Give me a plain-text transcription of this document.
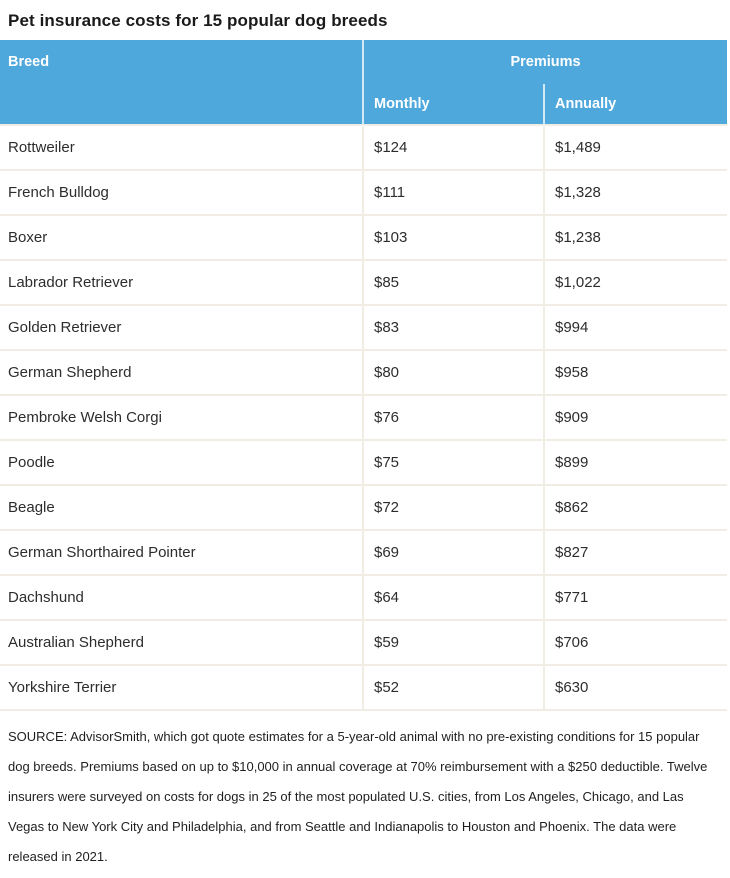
Pet insurance costs for 15 popular dog breeds
Breed	Premiums	
	Monthly	Annually
Rottweiler	$124	$1,489
French Bulldog	$111	$1,328
Boxer	$103	$1,238
Labrador Retriever	$85	$1,022
Golden Retriever	$83	$994
German Shepherd	$80	$958
Pembroke Welsh Corgi	$76	$909
Poodle	$75	$899
Beagle	$72	$862
German Shorthaired Pointer	$69	$827
Dachshund	$64	$771
Australian Shepherd	$59	$706
Yorkshire Terrier	$52	$630
SOURCE: AdvisorSmith, which got quote estimates for a 5-year-old animal with no pre-existing conditions for 15 popular dog breeds. Premiums based on up to $10,000 in annual coverage at 70% reimbursement with a $250 deductible. Twelve insurers were surveyed on costs for dogs in 25 of the most populated U.S. cities, from Los Angeles, Chicago, and Las Vegas to New York City and Philadelphia, and from Seattle and Indianapolis to Houston and Phoenix. The data were released in 2021.
